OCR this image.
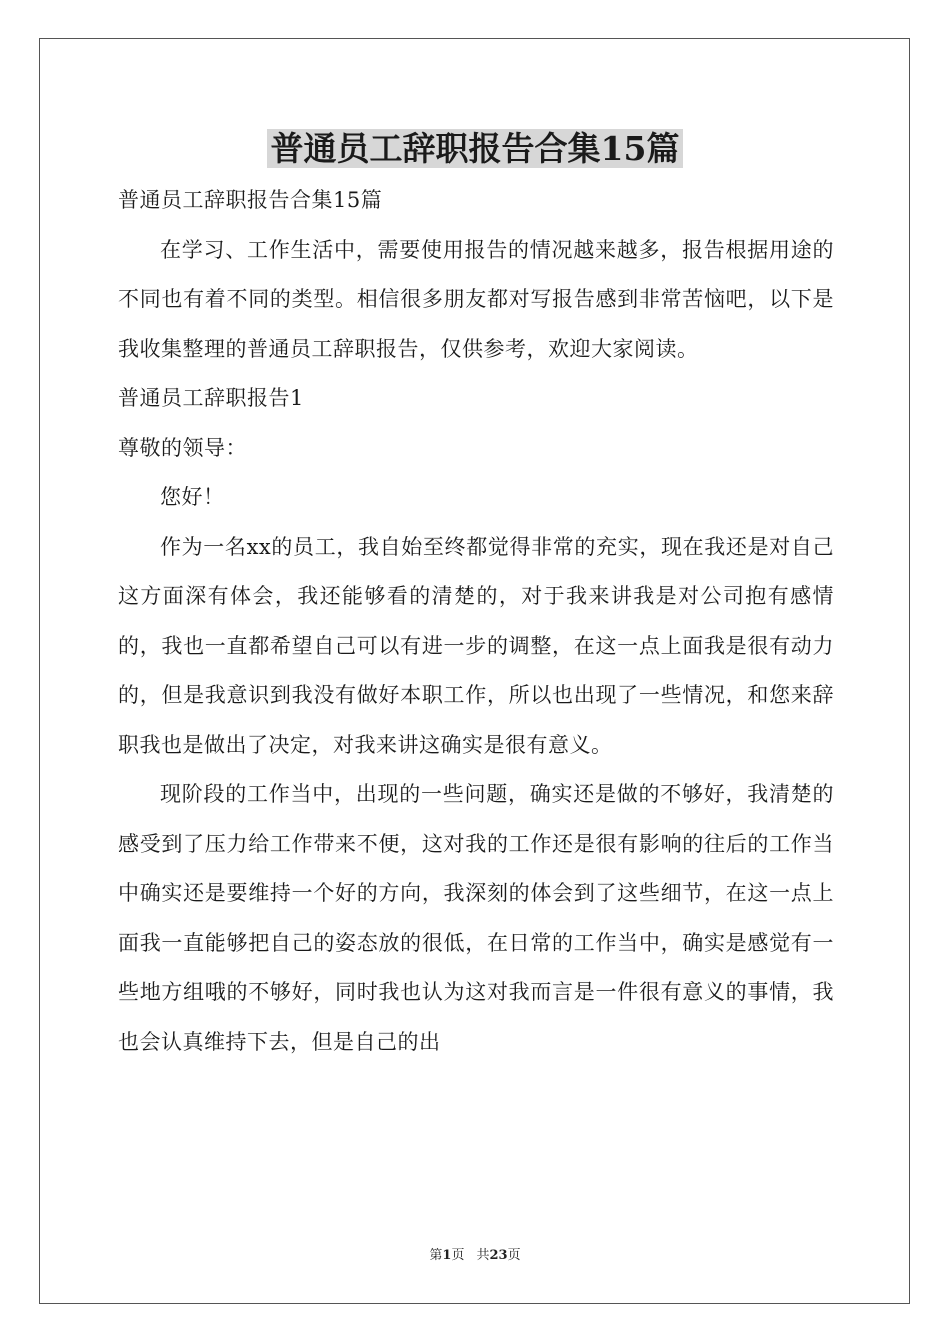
普通员工辞职报告合集15篇

普通员工辞职报告合集15篇

在学习、工作生活中，需要使用报告的情况越来越多，报告根据用途的不同也有着不同的类型。相信很多朋友都对写报告感到非常苦恼吧，以下是我收集整理的普通员工辞职报告，仅供参考，欢迎大家阅读。

普通员工辞职报告1

尊敬的领导：

您好！

作为一名xx的员工，我自始至终都觉得非常的充实，现在我还是对自己这方面深有体会，我还能够看的清楚的，对于我来讲我是对公司抱有感情的，我也一直都希望自己可以有进一步的调整，在这一点上面我是很有动力的，但是我意识到我没有做好本职工作，所以也出现了一些情况，和您来辞职我也是做出了决定，对我来讲这确实是很有意义。

现阶段的工作当中，出现的一些问题，确实还是做的不够好，我清楚的感受到了压力给工作带来不便，这对我的工作还是很有影响的往后的工作当中确实还是要维持一个好的方向，我深刻的体会到了这些细节，在这一点上面我一直能够把自己的姿态放的很低，在日常的工作当中，确实是感觉有一些地方组哦的不够好，同时我也认为这对我而言是一件很有意义的事情，我也会认真维持下去，但是自己的出

第1页 共23页
